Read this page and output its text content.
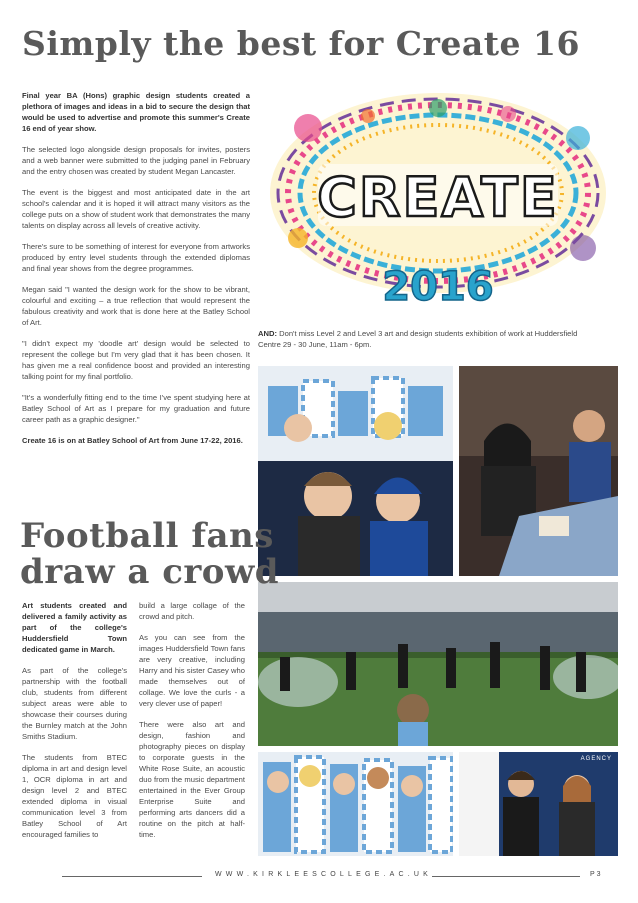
Simply the best for Create 16

Final year BA (Hons) graphic design students created a plethora of images and ideas in a bid to secure the design that would be used to advertise and promote this summer's Create 16 end of year show.

The selected logo alongside design proposals for invites, posters and a web banner were submitted to the judging panel in February and the entry chosen was created by student Megan Lancaster.

The event is the biggest and most anticipated date in the art school's calendar and it is hoped it will attract many visitors as the college puts on a show of student work that demonstrates the many talents on display across all levels of creative activity.

There's sure to be something of interest for everyone from artworks produced by entry level students through the extended diplomas and final year shows from the degree programmes.

Megan said "I wanted the design work for the show to be vibrant, colourful and exciting – a true reflection that would represent the fabulous creativity and work that is done here at the Batley School of Art.

"I didn't expect my 'doodle art' design would be selected to represent the college but I'm very glad that it has been chosen. It has given me a real confidence boost and provided an interesting talking point for my final portfolio.

"It's a wonderfully fitting end to the time I've spent studying here at Batley School of Art as I prepare for my graduation and future career path as a graphic designer."

Create 16 is on at Batley School of Art from June 17-22, 2016.

CREATE
2016
AND: Don't miss Level 2 and Level 3 art and design students exhibition of work at Huddersfield Centre 29 - 30 June, 11am - 6pm.
AGENCY
Football fans
draw a crowd

Art students created and delivered a family activity as part of the college's Huddersfield Town dedicated game in March.

As part of the college's partnership with the football club, students from different subject areas were able to showcase their courses during the Burnley match at the John Smiths Stadium.

The students from BTEC diploma in art and design level 1, OCR diploma in art and design level 2 and BTEC extended diploma in visual communication level 3 from Batley School of Art encouraged families to

build a large collage of the crowd and pitch.

As you can see from the images Huddersfield Town fans are very creative, including Harry and his sister Casey who made themselves out of collage. We love the curls - a very clever use of paper!

There were also art and design, fashion and photography pieces on display to corporate guests in the White Rose Suite, an acoustic duo from the music department entertained in the Ever Group Enterprise Suite and performing arts dancers did a routine on the pitch at half-time.

WWW.KIRKLEESCOLLEGE.AC.UK	P3
